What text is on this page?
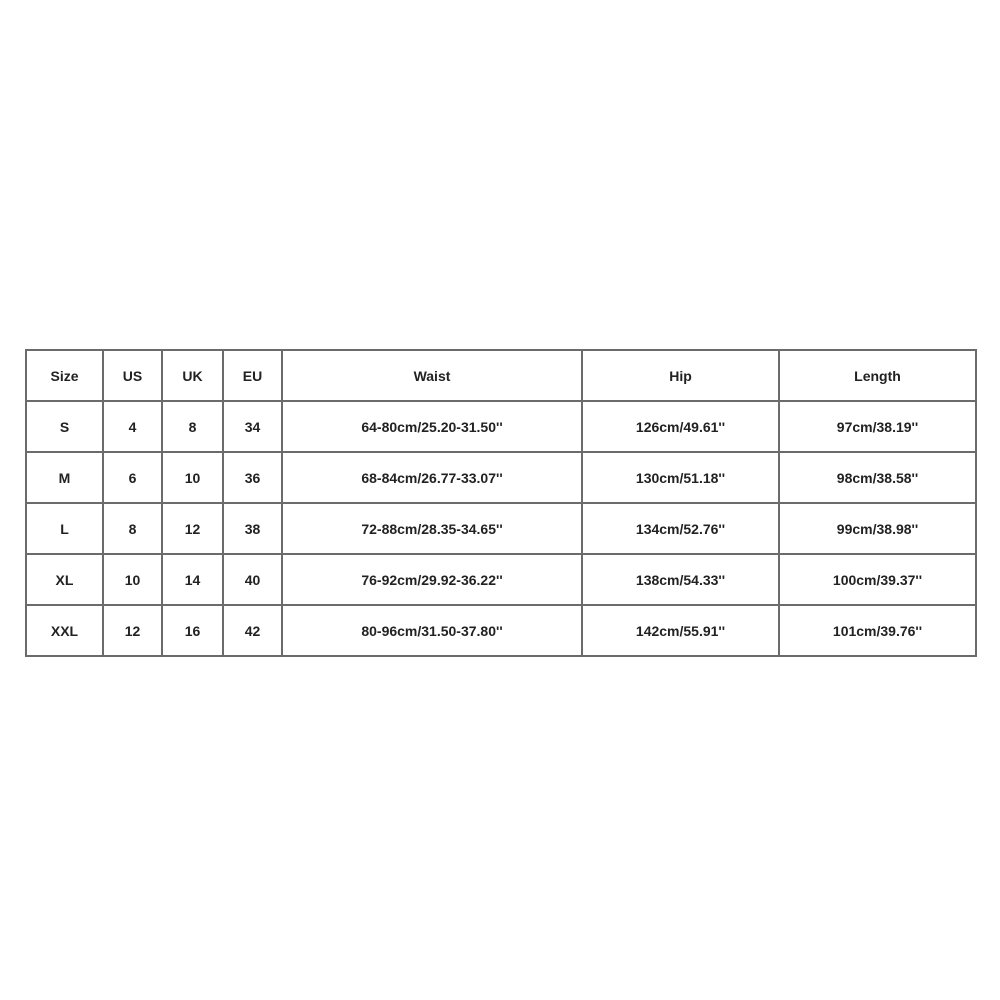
Size	US	UK	EU	Waist	Hip	Length
S	4	8	34	64-80cm/25.20-31.50''	126cm/49.61''	97cm/38.19''
M	6	10	36	68-84cm/26.77-33.07''	130cm/51.18''	98cm/38.58''
L	8	12	38	72-88cm/28.35-34.65''	134cm/52.76''	99cm/38.98''
XL	10	14	40	76-92cm/29.92-36.22''	138cm/54.33''	100cm/39.37''
XXL	12	16	42	80-96cm/31.50-37.80''	142cm/55.91''	101cm/39.76''
